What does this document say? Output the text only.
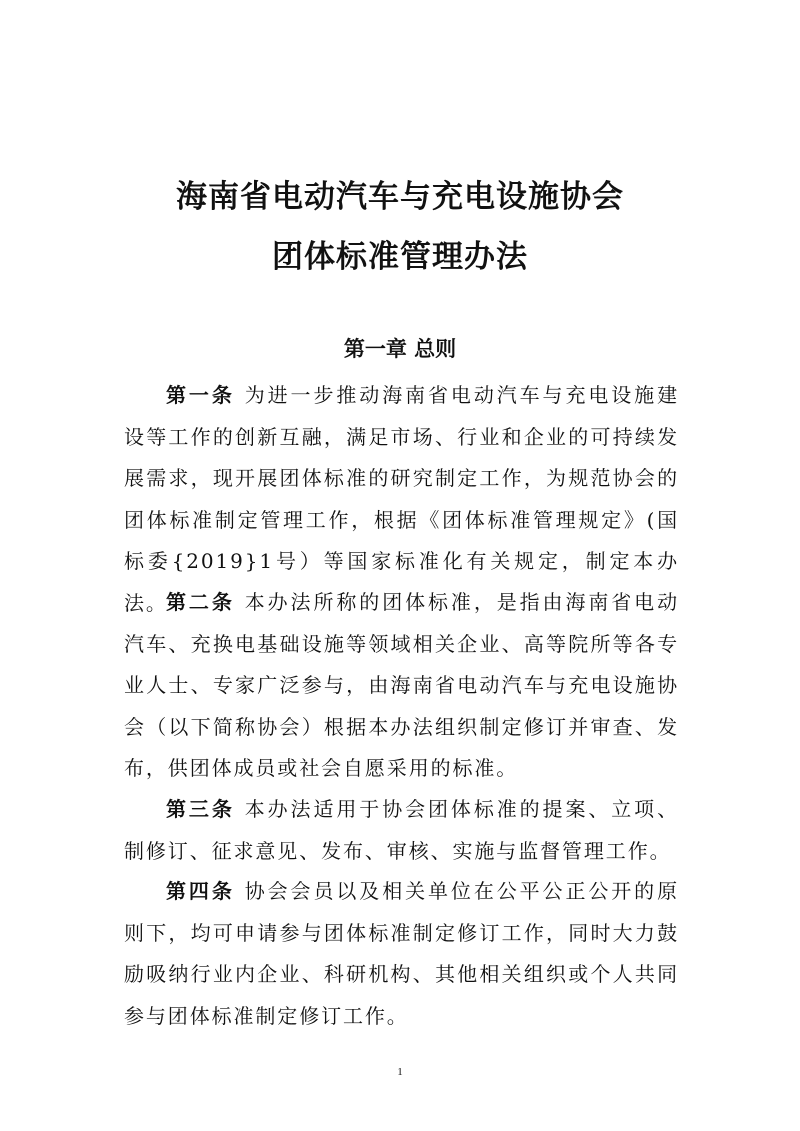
海南省电动汽车与充电设施协会
团体标准管理办法
第一章 总则

第一条 为进一步推动海南省电动汽车与充电设施建设等工作的创新互融，满足市场、行业和企业的可持续发展需求，现开展团体标准的研究制定工作，为规范协会的团体标准制定管理工作，根据《团体标准管理规定》(国标委{2019}1号）等国家标准化有关规定，制定本办法。

第二条 本办法所称的团体标准，是指由海南省电动汽车、充换电基础设施等领域相关企业、高等院所等各专业人士、专家广泛参与，由海南省电动汽车与充电设施协会（以下简称协会）根据本办法组织制定修订并审查、发布，供团体成员或社会自愿采用的标准。

第三条 本办法适用于协会团体标准的提案、立项、制修订、征求意见、发布、审核、实施与监督管理工作。

第四条 协会会员以及相关单位在公平公正公开的原则下，均可申请参与团体标准制定修订工作，同时大力鼓励吸纳行业内企业、科研机构、其他相关组织或个人共同参与团体标准制定修订工作。

1
